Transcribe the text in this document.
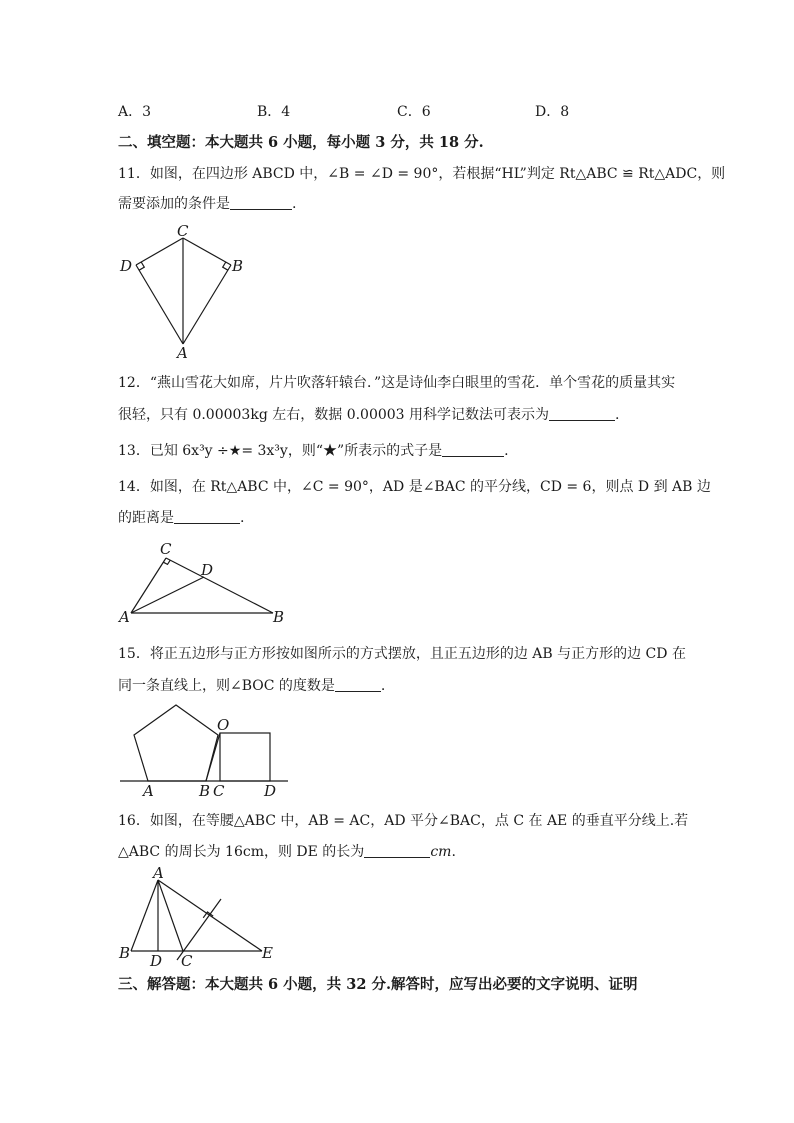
A．3	B．4	C．6	D．8
二、填空题：本大题共 6 小题，每小题 3 分，共 18 分.
11．如图，在四边形 ABCD 中，∠B = ∠D = 90°，若根据“HL”判定 Rt△ABC ≌ Rt△ADC，则
需要添加的条件是	.
12．“燕山雪花大如席，片片吹落轩辕台．”这是诗仙李白眼里的雪花．单个雪花的质量其实
很轻，只有 0.00003kg 左右，数据 0.00003 用科学记数法可表示为	.
13．已知 6x³y ÷★= 3x³y，则“★”所表示的式子是	.
14．如图，在 Rt△ABC 中，∠C = 90°，AD 是∠BAC 的平分线，CD = 6，则点 D 到 AB 边
的距离是	.
15．将正五边形与正方形按如图所示的方式摆放，且正五边形的边 AB 与正方形的边 CD 在
同一条直线上，则∠BOC 的度数是	.
16．如图，在等腰△ABC 中，AB = AC，AD 平分∠BAC，点 C 在 AE 的垂直平分线上.若
△ABC 的周长为 16cm，则 DE 的长为	cm.
三、解答题：本大题共 6 小题，共 32 分.解答时，应写出必要的文字说明、证明
C
D	B
A
C
D
A	B
O
A	B C	D
A
B D C	E
